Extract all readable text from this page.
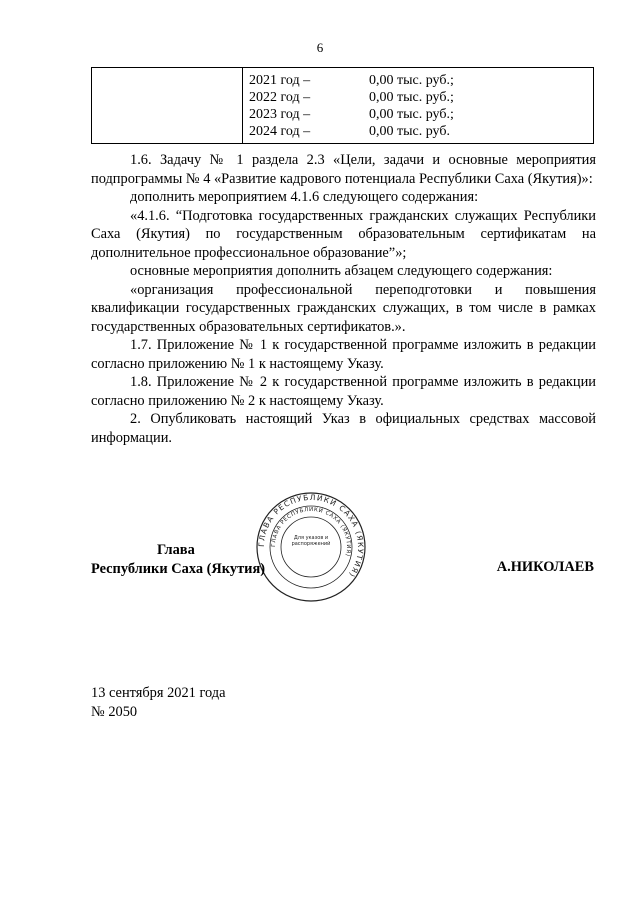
6

2021 год –	0,00 тыс. руб.;
2022 год –	0,00 тыс. руб.;
2023 год –	0,00 тыс. руб.;
2024 год –	0,00 тыс. руб.

1.6. Задачу № 1 раздела 2.3 «Цели, задачи и основные мероприятия подпрограммы № 4 «Развитие кадрового потенциала Республики Саха (Якутия)»:

дополнить мероприятием 4.1.6 следующего содержания:

«4.1.6. “Подготовка государственных гражданских служащих Республики Саха (Якутия) по государственным образовательным сертификатам на дополнительное профессиональное образование”»;

основные мероприятия дополнить абзацем следующего содержания:

«организация профессиональной переподготовки и повышения квалификации государственных гражданских служащих, в том числе в рамках государственных образовательных сертификатов.».

1.7. Приложение № 1 к государственной программе изложить в редакции согласно приложению № 1 к настоящему Указу.

1.8. Приложение № 2 к государственной программе изложить в редакции согласно приложению № 2 к настоящему Указу.

2. Опубликовать настоящий Указ в официальных средствах массовой информации.

ГЛАВА РЕСПУБЛИКИ САХА (ЯКУТИЯ)
ГЛАВА РЕСПУБЛИКИ САХА (ЯКУТИЯ)
Для указов и распоряжений
Глава
Республики Саха (Якутия)	А.НИКОЛАЕВ
13 сентября 2021 года
№ 2050
